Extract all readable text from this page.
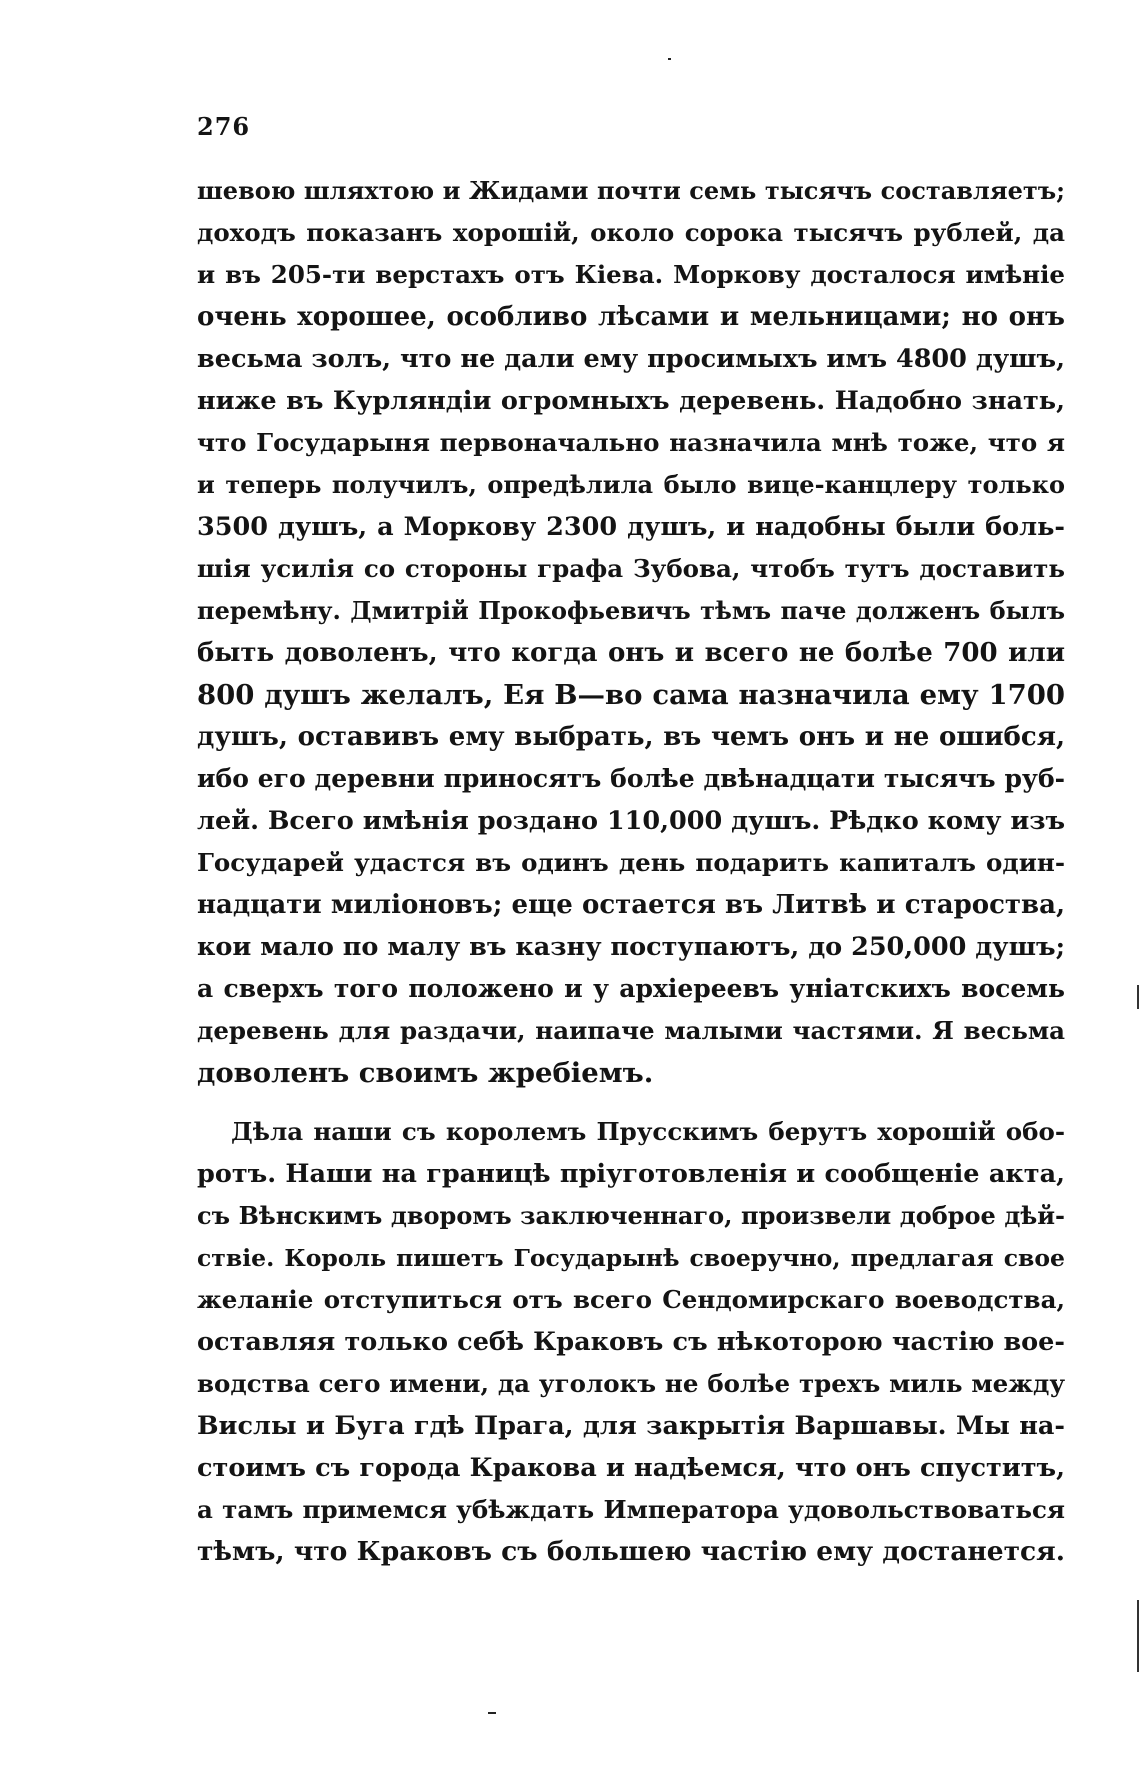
276
шевою шляхтою и Жидами почти семь тысячъ составляетъ;
доходъ показанъ хорошій, около сорока тысячъ рублей, да
и въ 205-ти верстахъ отъ Кіева. Моркову досталося имѣніе
очень хорошее, особливо лѣсами и мельницами; но онъ
весьма золъ, что не дали ему просимыхъ имъ 4800 душъ,
ниже въ Курляндіи огромныхъ деревень. Надобно знать,
что Государыня первоначально назначила мнѣ тоже, что я
и теперь получилъ, опредѣлила было вице-канцлеру только
3500 душъ, а Моркову 2300 душъ, и надобны были боль-
шія усилія со стороны графа Зубова, чтобъ тутъ доставить
перемѣну. Дмитрій Прокофьевичъ тѣмъ паче долженъ былъ
быть доволенъ, что когда онъ и всего не болѣе 700 или
800 душъ желалъ, Ея В—во сама назначила ему 1700
душъ, оставивъ ему выбрать, въ чемъ онъ и не ошибся,
ибо его деревни приносятъ болѣе двѣнадцати тысячъ руб-
лей. Всего имѣнія роздано 110,000 душъ. Рѣдко кому изъ
Государей удастся въ одинъ день подарить капиталъ один-
надцати миліоновъ; еще остается въ Литвѣ и староства,
кои мало по малу въ казну поступаютъ, до 250,000 душъ;
а сверхъ того положено и у архіереевъ уніатскихъ восемь
деревень для раздачи, наипаче малыми частями. Я весьма
доволенъ своимъ жребіемъ.
Дѣла наши съ королемъ Прусскимъ берутъ хорошій обо-
ротъ. Наши на границѣ пріуготовленія и сообщеніе акта,
съ Вѣнскимъ дворомъ заключеннаго, произвели доброе дѣй-
ствіе. Король пишетъ Государынѣ своеручно, предлагая свое
желаніе отступиться отъ всего Сендомирскаго воеводства,
оставляя только себѣ Краковъ съ нѣкоторою частію вое-
водства сего имени, да уголокъ не болѣе трехъ миль между
Вислы и Буга гдѣ Прага, для закрытія Варшавы. Мы на-
стоимъ съ города Кракова и надѣемся, что онъ спуститъ,
а тамъ примемся убѣждать Императора удовольствоваться
тѣмъ, что Краковъ съ большею частію ему достанется.
